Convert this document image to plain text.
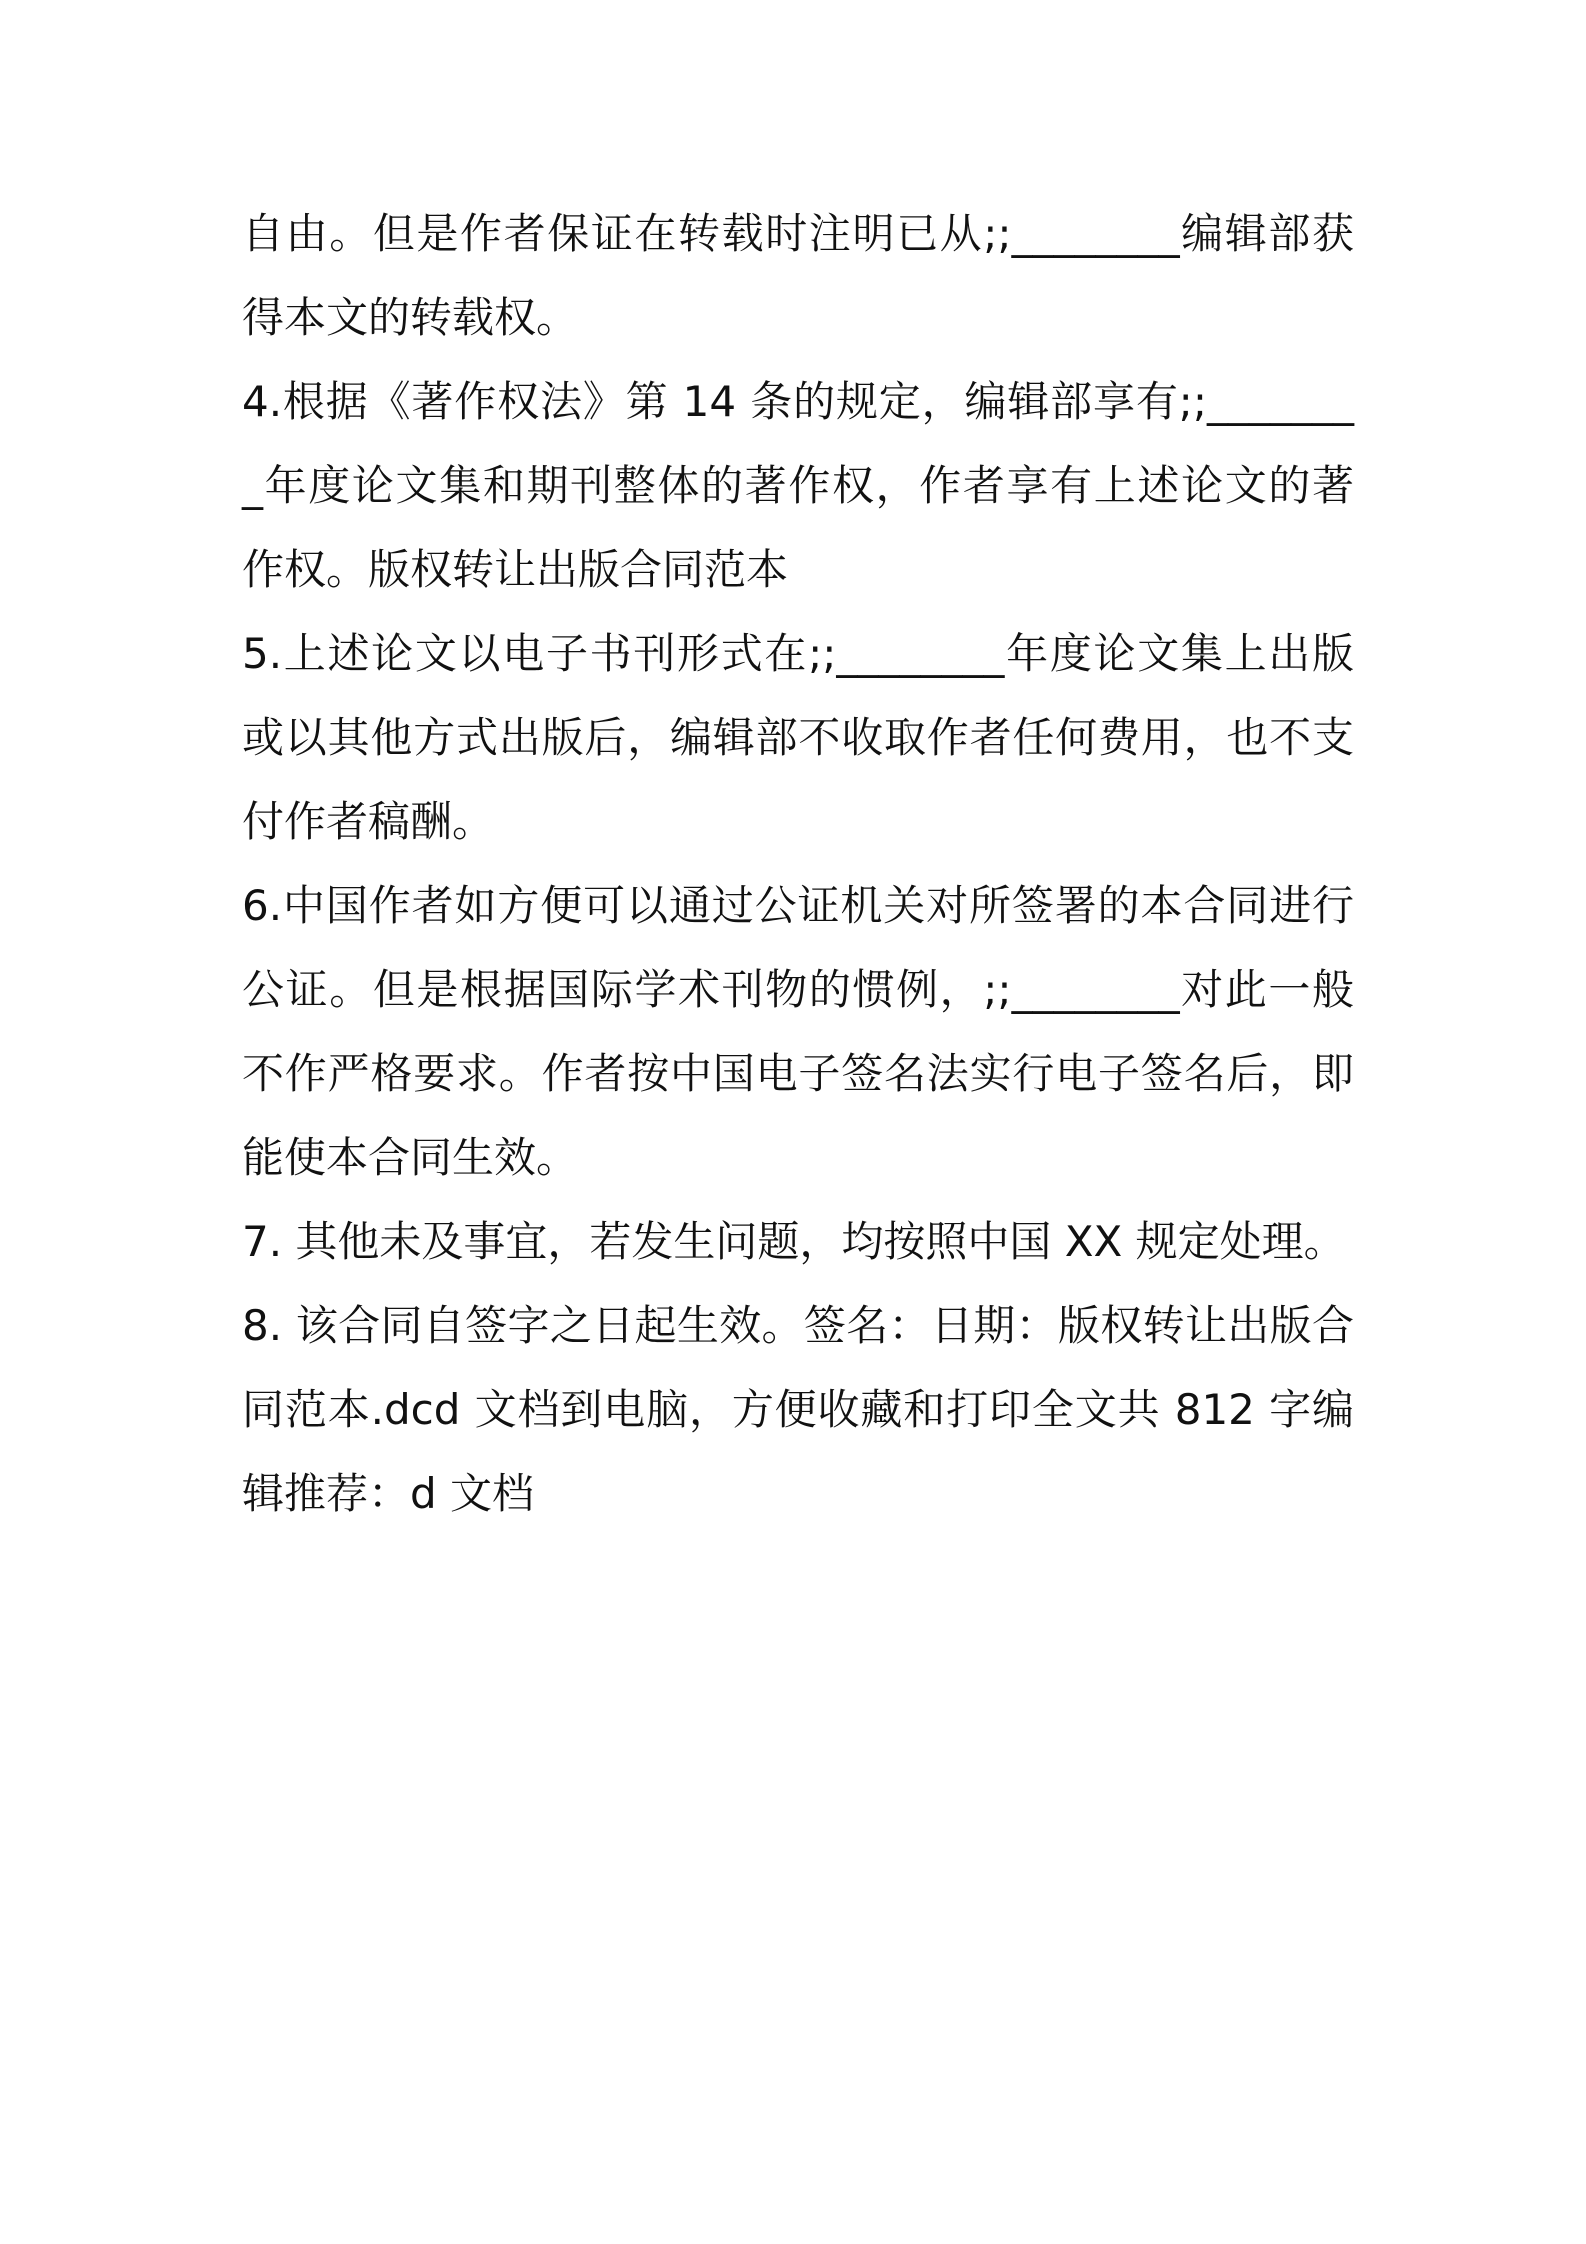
自由。但是作者保证在转载时注明已从;;________编辑部获得本文的转载权。

4.根据《著作权法》第 14 条的规定，编辑部享有;;________年度论文集和期刊整体的著作权，作者享有上述论文的著作权。版权转让出版合同范本

5.上述论文以电子书刊形式在;;________年度论文集上出版或以其他方式出版后，编辑部不收取作者任何费用，也不支付作者稿酬。

6.中国作者如方便可以通过公证机关对所签署的本合同进行公证。但是根据国际学术刊物的惯例，;;________对此一般不作严格要求。作者按中国电子签名法实行电子签名后，即能使本合同生效。

7. 其他未及事宜，若发生问题，均按照中国 XX 规定处理。

8. 该合同自签字之日起生效。签名：日期：版权转让出版合同范本.dcd 文档到电脑，方便收藏和打印全文共 812 字编辑推荐：d 文档
